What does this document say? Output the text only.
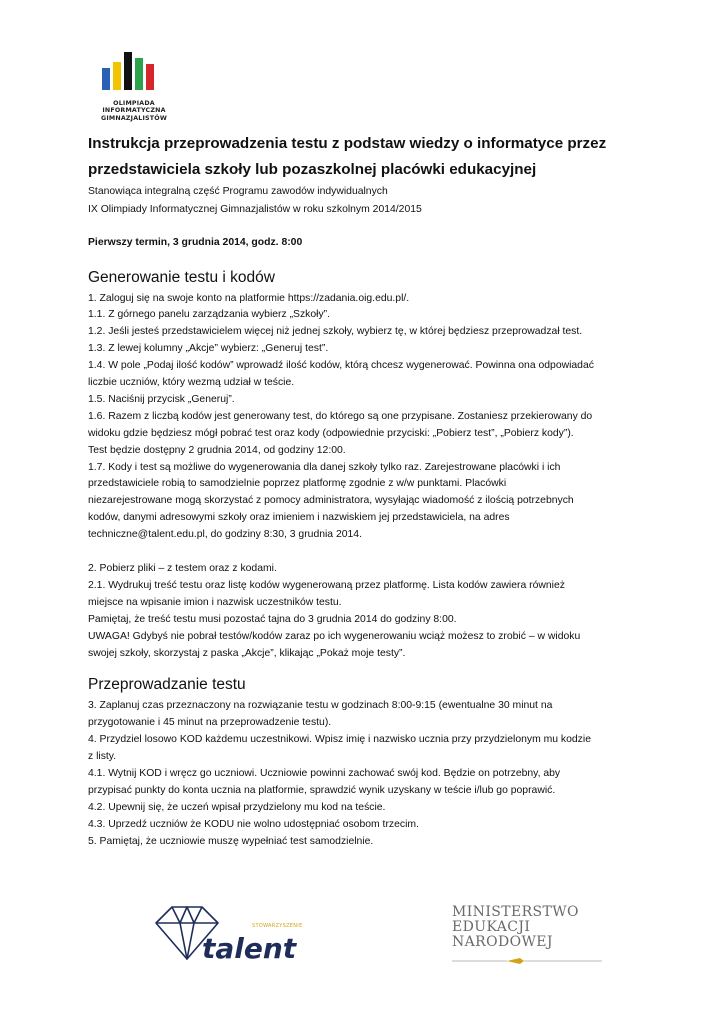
OLIMPIADA
INFORMATYCZNA
GIMNAZJALISTÓW
Instrukcja przeprowadzenia testu z podstaw wiedzy o informatyce przez
przedstawiciela szkoły lub pozaszkolnej placówki edukacyjnej

Stanowiąca integralną część Programu zawodów indywidualnych

IX Olimpiady Informatycznej Gimnazjalistów w roku szkolnym 2014/2015

Pierwszy termin, 3 grudnia 2014, godz. 8:00
Generowanie testu i kodów

1. Zaloguj się na swoje konto na platformie https://zadania.oig.edu.pl/.

1.1. Z górnego panelu zarządzania wybierz „Szkoły”.

1.2. Jeśli jesteś przedstawicielem więcej niż jednej szkoły, wybierz tę, w której będziesz przeprowadzał test.

1.3. Z lewej kolumny „Akcje” wybierz: „Generuj test”.

1.4. W pole „Podaj ilość kodów” wprowadź ilość kodów, którą chcesz wygenerować. Powinna ona odpowiadać

liczbie uczniów, który wezmą udział w teście.

1.5. Naciśnij przycisk „Generuj”.

1.6. Razem z liczbą kodów jest generowany test, do którego są one przypisane. Zostaniesz przekierowany do

widoku gdzie będziesz mógł pobrać test oraz kody (odpowiednie przyciski: „Pobierz test”, „Pobierz kody”).

Test będzie dostępny 2 grudnia 2014, od godziny 12:00.

1.7. Kody i test są możliwe do wygenerowania dla danej szkoły tylko raz. Zarejestrowane placówki i ich

przedstawiciele robią to samodzielnie poprzez platformę zgodnie z w/w punktami. Placówki

niezarejestrowane mogą skorzystać z pomocy administratora, wysyłając wiadomość z ilością potrzebnych

kodów, danymi adresowymi szkoły oraz imieniem i nazwiskiem jej przedstawiciela, na adres

techniczne@talent.edu.pl, do godziny 8:30, 3 grudnia 2014.

2. Pobierz pliki – z testem oraz z kodami.

2.1. Wydrukuj treść testu oraz listę kodów wygenerowaną przez platformę. Lista kodów zawiera również

miejsce na wpisanie imion i nazwisk uczestników testu.

Pamiętaj, że treść testu musi pozostać tajna do 3 grudnia 2014 do godziny 8:00.

UWAGA! Gdybyś nie pobrał testów/kodów zaraz po ich wygenerowaniu wciąż możesz to zrobić – w widoku

swojej szkoły, skorzystaj z paska „Akcje”, klikając „Pokaż moje testy”.

Przeprowadzanie testu

3. Zaplanuj czas przeznaczony na rozwiązanie testu w godzinach 8:00-9:15 (ewentualne 30 minut na

przygotowanie i 45 minut na przeprowadzenie testu).

4. Przydziel losowo KOD każdemu uczestnikowi. Wpisz imię i nazwisko ucznia przy przydzielonym mu kodzie

z listy.

4.1. Wytnij KOD i wręcz go uczniowi. Uczniowie powinni zachować swój kod. Będzie on potrzebny, aby

przypisać punkty do konta ucznia na platformie, sprawdzić wynik uzyskany w teście i/lub go poprawić.

4.2. Upewnij się, że uczeń wpisał przydzielony mu kod na teście.

4.3. Uprzedź uczniów że KODU nie wolno udostępniać osobom trzecim.

5. Pamiętaj, że uczniowie muszę wypełniać test samodzielnie.

STOWARZYSZENIE
talent
MINISTERSTWO
EDUKACJI
NARODOWEJ
